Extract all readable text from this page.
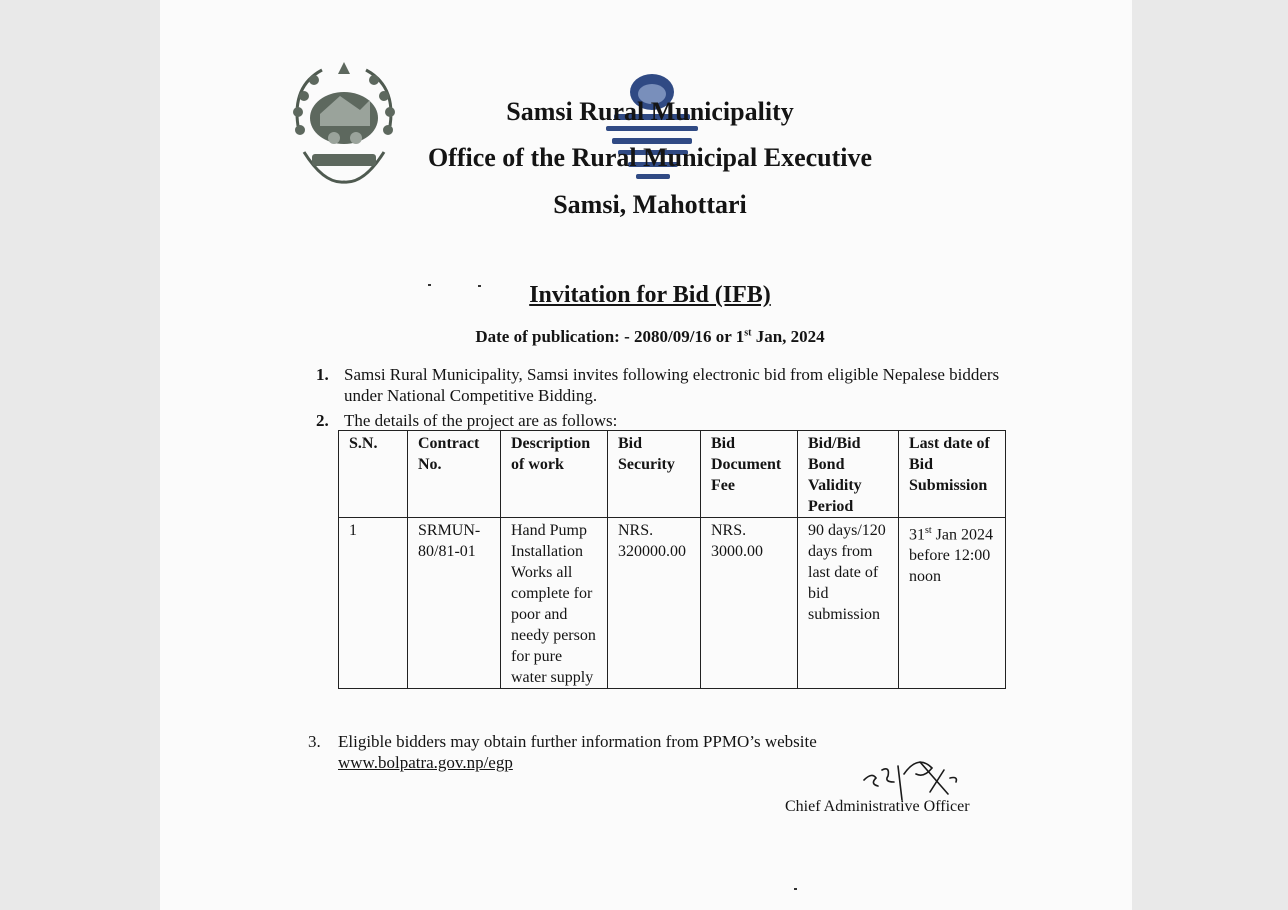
Samsi Rural Municipality
Office of the Rural Municipal Executive
Samsi, Mahottari
Invitation for Bid (IFB)
Date of publication: - 2080/09/16 or 1st Jan, 2024
1. Samsi Rural Municipality, Samsi invites following electronic bid from eligible Nepalese bidders under National Competitive Bidding.
2. The details of the project are as follows:
S.N.	Contract No.	Description of work	Bid Security	Bid Document Fee	Bid/Bid Bond Validity Period	Last date of Bid Submission
1	SRMUN-80/81-01	Hand Pump Installation Works all complete for poor and needy person for pure water supply	NRS. 320000.00	NRS. 3000.00	90 days/120 days from last date of bid submission	31st Jan 2024 before 12:00 noon
3. Eligible bidders may obtain further information from PPMO’s website
www.bolpatra.gov.np/egp
Chief Administrative Officer
